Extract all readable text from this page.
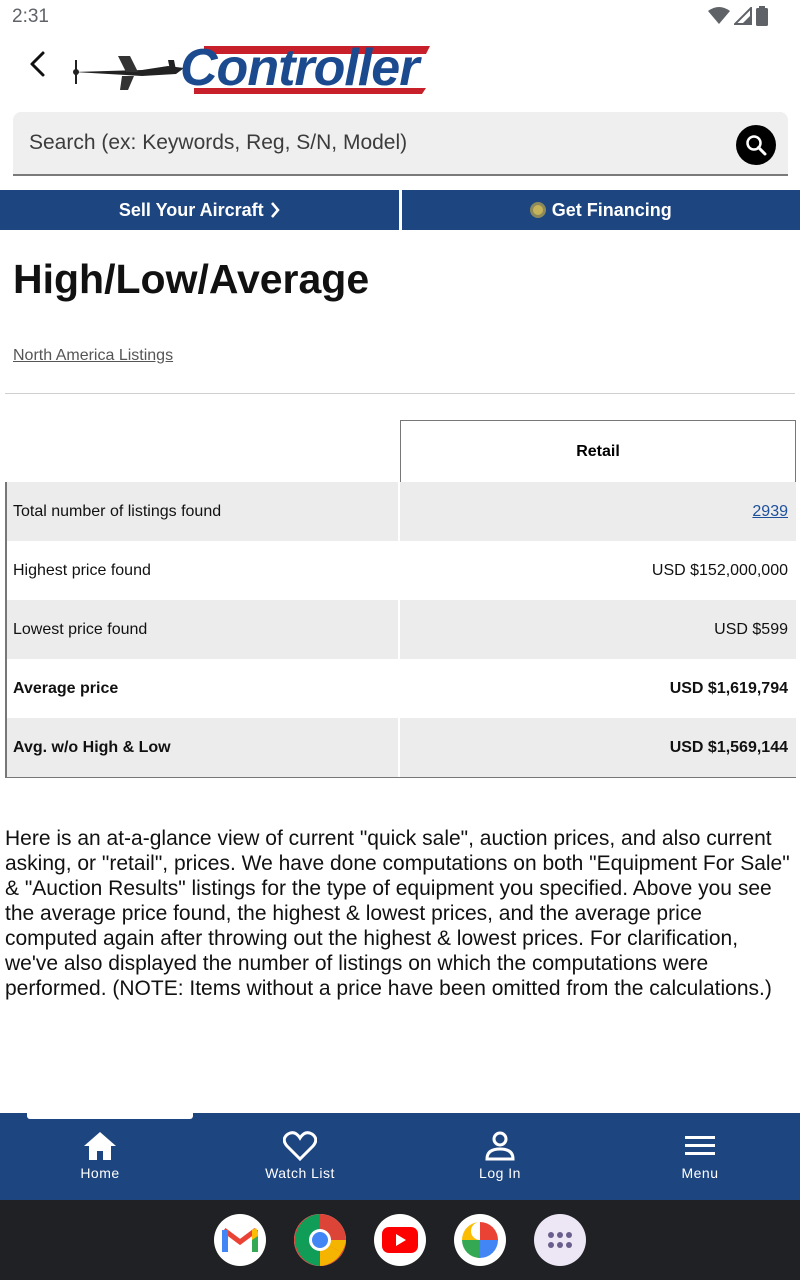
2:31
Controller
Search (ex: Keywords, Reg, S/N, Model)
Sell Your Aircraft	Get Financing
High/Low/Average
North America Listings
Retail
Total number of listings found	2939
Highest price found	USD $152,000,000
Lowest price found	USD $599
Average price	USD $1,619,794
Avg. w/o High & Low	USD $1,569,144

Here is an at-a-glance view of current "quick sale", auction prices, and also current asking, or "retail", prices. We have done computations on both "Equipment For Sale" & "Auction Results" listings for the type of equipment you specified. Above you see the average price found, the highest & lowest prices, and the average price computed again after throwing out the highest & lowest prices. For clarification, we've also displayed the number of listings on which the computations were performed. (NOTE: Items without a price have been omitted from the calculations.)

Home	Watch List	Log In	Menu
